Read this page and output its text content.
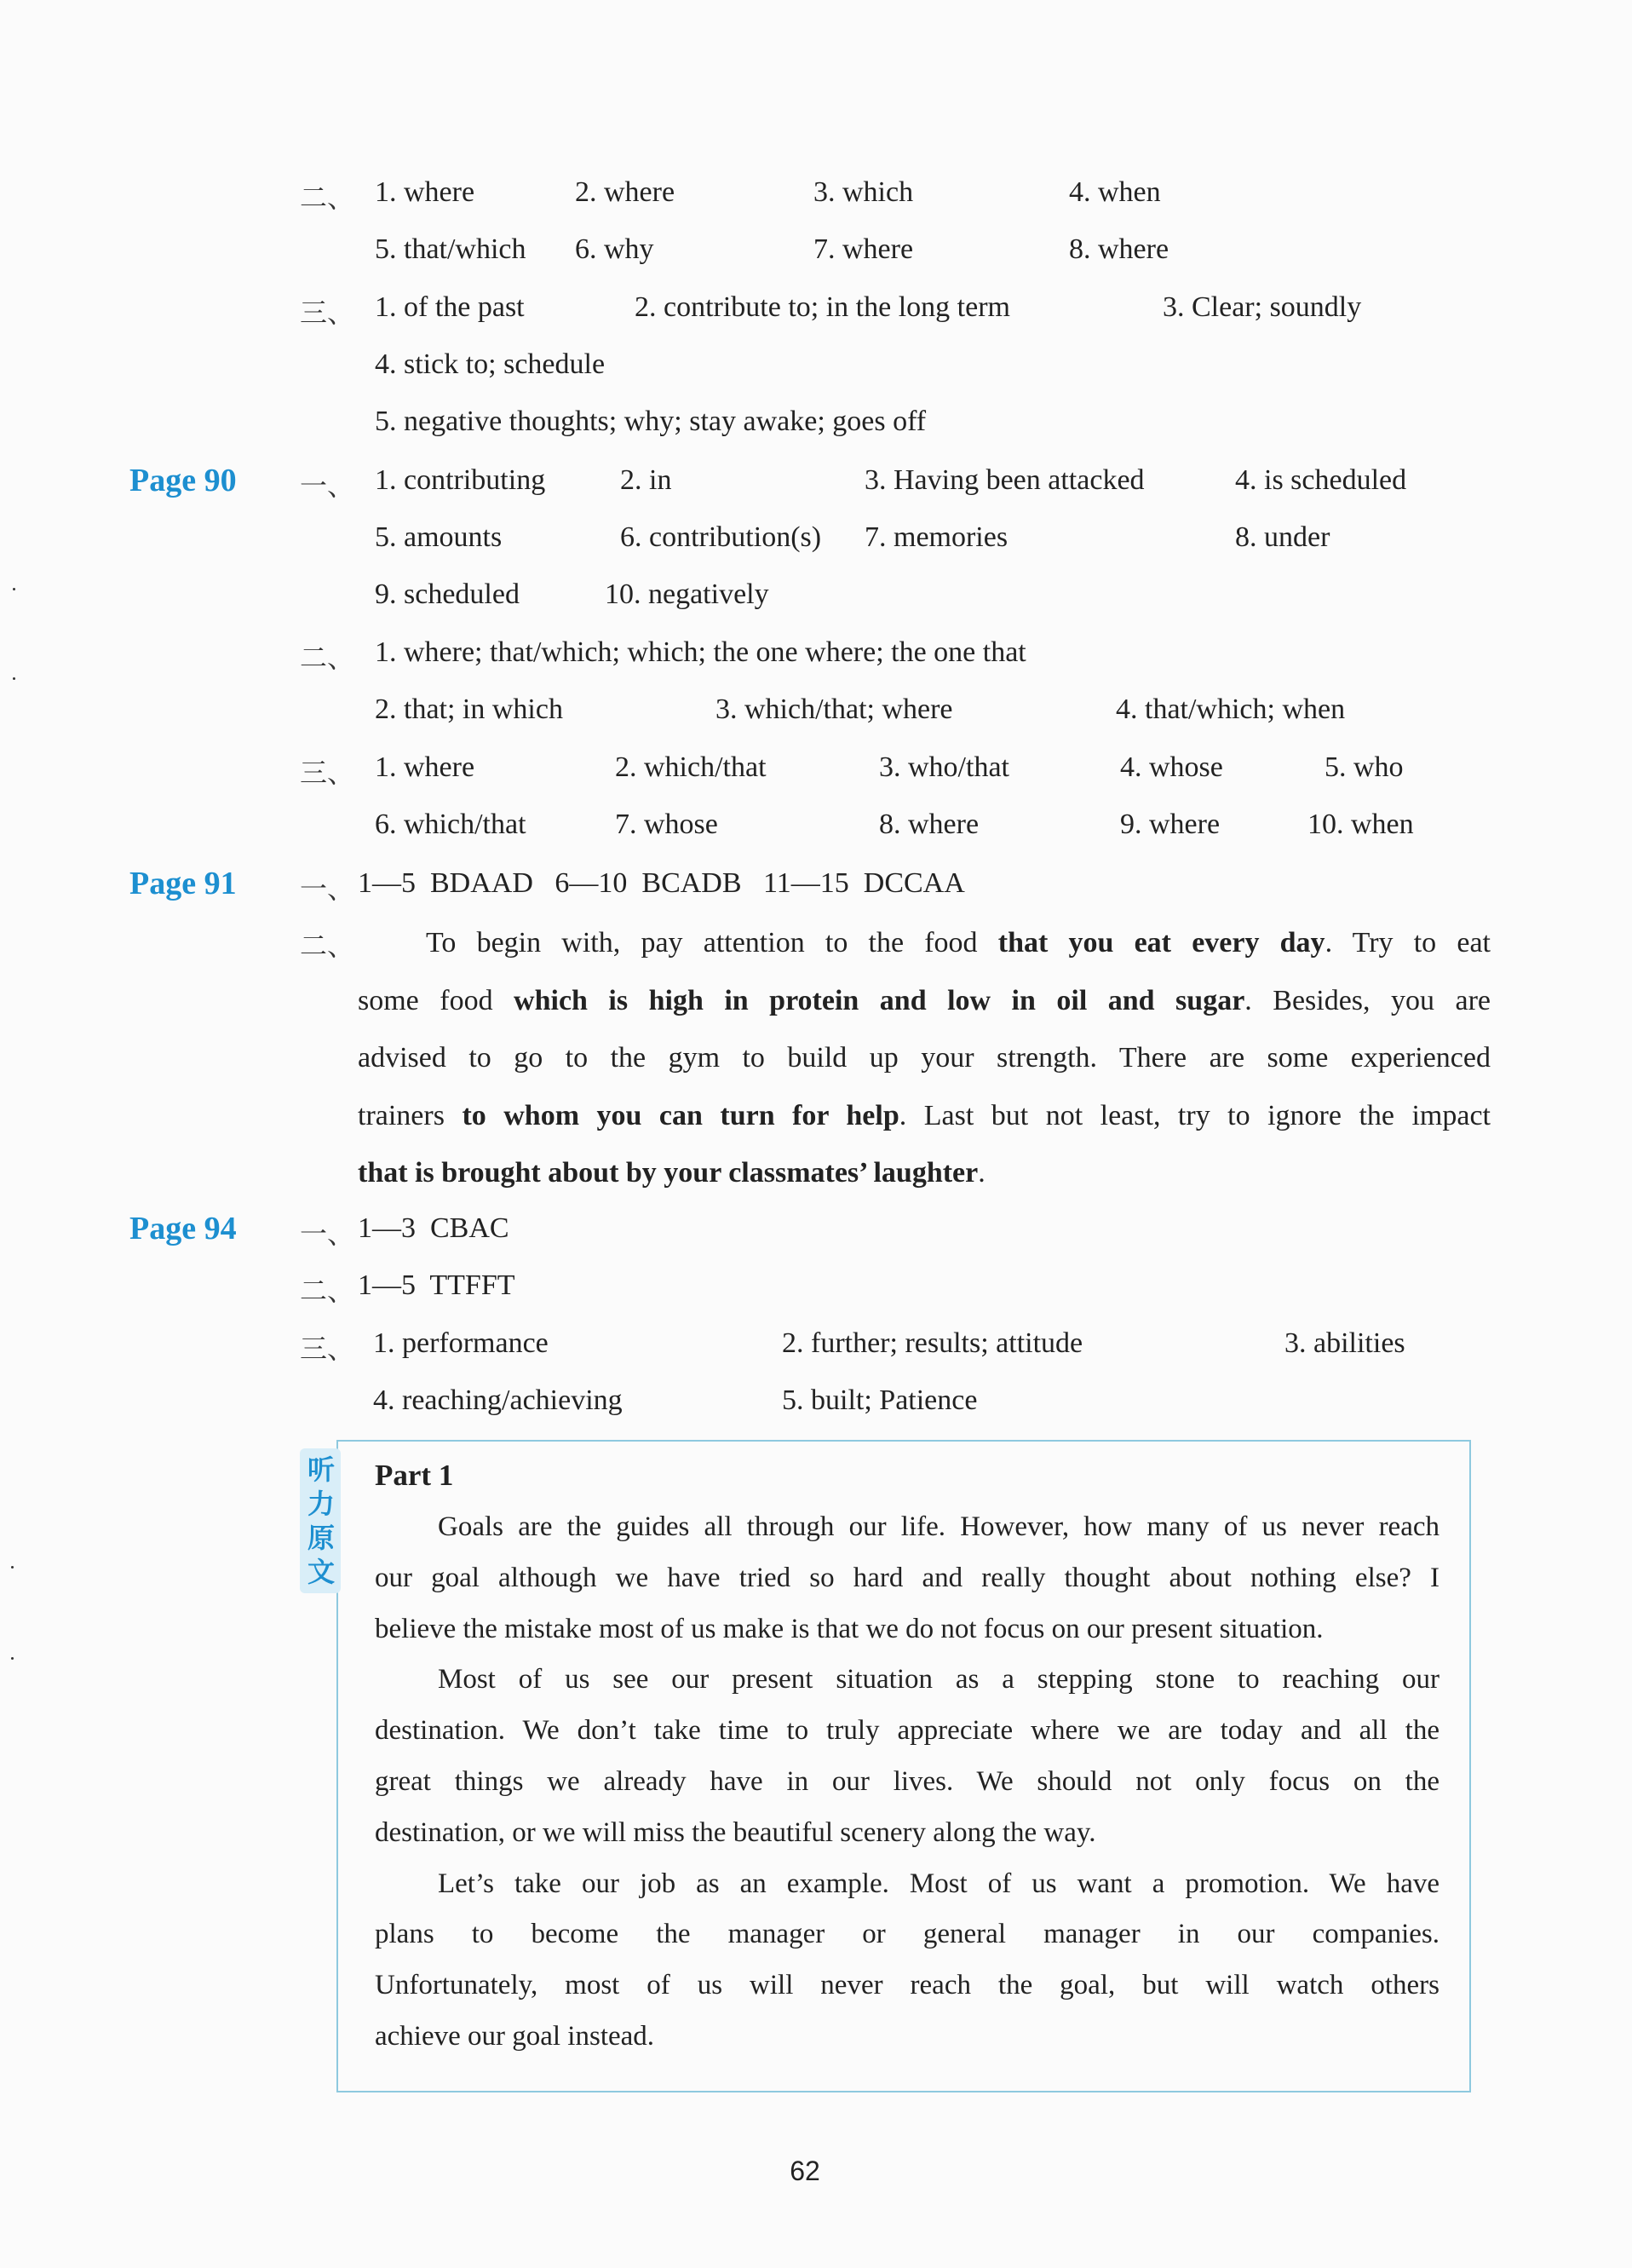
二、 1. where	2. where	3. which	4. when
5. that/which 6. why	7. where	8. where
三、 1. of the past	2. contribute to; in the long term	3. Clear; soundly
4. stick to; schedule
5. negative thoughts; why; stay awake; goes off
Page 90 一、 1. contributing	2. in	3. Having been attacked	4. is scheduled
5. amounts	6. contribution(s) 7. memories	8. under
9. scheduled	10. negatively
二、 1. where; that/which; which; the one where; the one that
2. that; in which	3. which/that; where	4. that/which; when
三、 1. where	2. which/that	3. who/that	4. whose	5. who
6. which/that	7. whose	8. where	9. where	10. when
Page 91 一、 1—5  BDAAD   6—10  BCADB   11—15  DCCAA
二、	To begin with, pay attention to the food that you eat every day. Try to eat
some food which is high in protein and low in oil and sugar. Besides, you are
advised to go to the gym to build up your strength. There are some experienced
trainers to whom you can turn for help. Last but not least, try to ignore the impact
that is brought about by your classmates’ laughter.
Page 94 一、 1—3  CBAC
二、 1—5  TTFFT
三、 1. performance	2. further; results; attitude	3. abilities
4. reaching/achieving	5. built; Patience
听力原文
Part 1
Goals are the guides all through our life. However, how many of us never reach
our goal although we have tried so hard and really thought about nothing else? I
believe the mistake most of us make is that we do not focus on our present situation.
Most of us see our present situation as a stepping stone to reaching our
destination. We don’t take time to truly appreciate where we are today and all the
great things we already have in our lives. We should not only focus on the
destination, or we will miss the beautiful scenery along the way.
Let’s take our job as an example. Most of us want a promotion. We have
plans to become the manager or general manager in our companies.
Unfortunately, most of us will never reach the goal, but will watch others
achieve our goal instead.
62
